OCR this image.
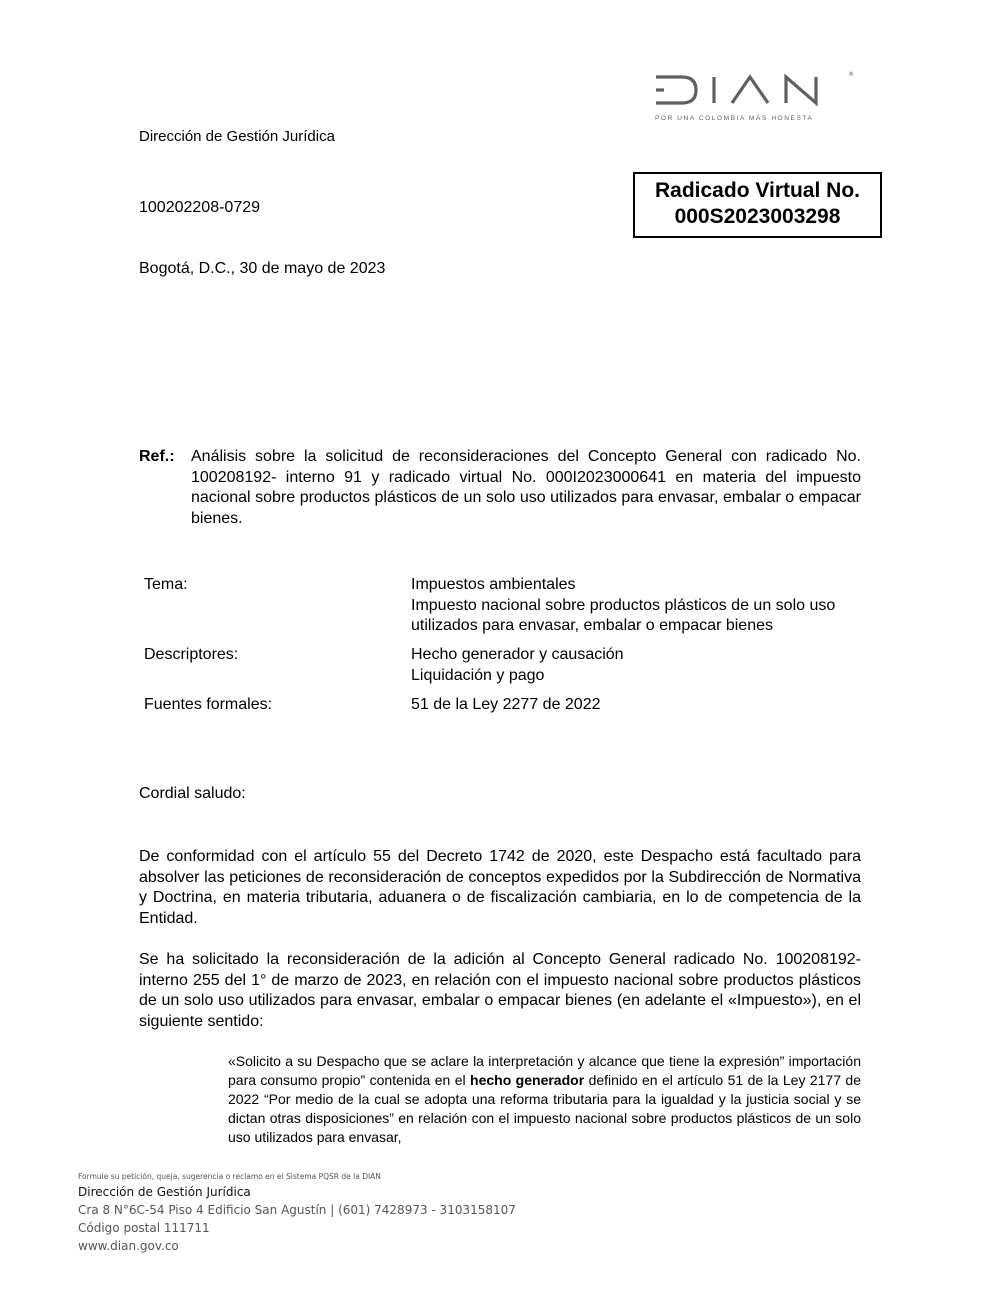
®
POR UNA COLOMBIA MÁS HONESTA
Dirección de Gestión Jurídica
100202208-0729
Radicado Virtual No.
000S2023003298
Bogotá, D.C., 30 de mayo de 2023
Ref.: Análisis sobre la solicitud de reconsideraciones del Concepto General con radicado No. 100208192- interno 91 y radicado virtual No. 000I2023000641 en materia del impuesto nacional sobre productos plásticos de un solo uso utilizados para envasar, embalar o empacar bienes.
Tema:	Impuestos ambientales
Impuesto nacional sobre productos plásticos de un solo uso utilizados para envasar, embalar o empacar bienes
Descriptores:	Hecho generador y causación
Liquidación y pago
Fuentes formales:	51 de la Ley 2277 de 2022
Cordial saludo:
De conformidad con el artículo 55 del Decreto 1742 de 2020, este Despacho está facultado para absolver las peticiones de reconsideración de conceptos expedidos por la Subdirección de Normativa y Doctrina, en materia tributaria, aduanera o de fiscalización cambiaria, en lo de competencia de la Entidad.
Se ha solicitado la reconsideración de la adición al Concepto General radicado No. 100208192- interno 255 del 1° de marzo de 2023, en relación con el impuesto nacional sobre productos plásticos de un solo uso utilizados para envasar, embalar o empacar bienes (en adelante el «Impuesto»), en el siguiente sentido:
«Solicito a su Despacho que se aclare la interpretación y alcance que tiene la expresión” importación para consumo propio” contenida en el hecho generador definido en el artículo 51 de la Ley 2177 de 2022 “Por medio de la cual se adopta una reforma tributaria para la igualdad y la justicia social y se dictan otras disposiciones” en relación con el impuesto nacional sobre productos plásticos de un solo uso utilizados para envasar,
Formule su petición, queja, sugerencia o reclamo en el Sistema PQSR de la DIAN
Dirección de Gestión Jurídica
Cra 8 N°6C-54 Piso 4 Edificio San Agustín | (601) 7428973 - 3103158107
Código postal 111711
www.dian.gov.co
